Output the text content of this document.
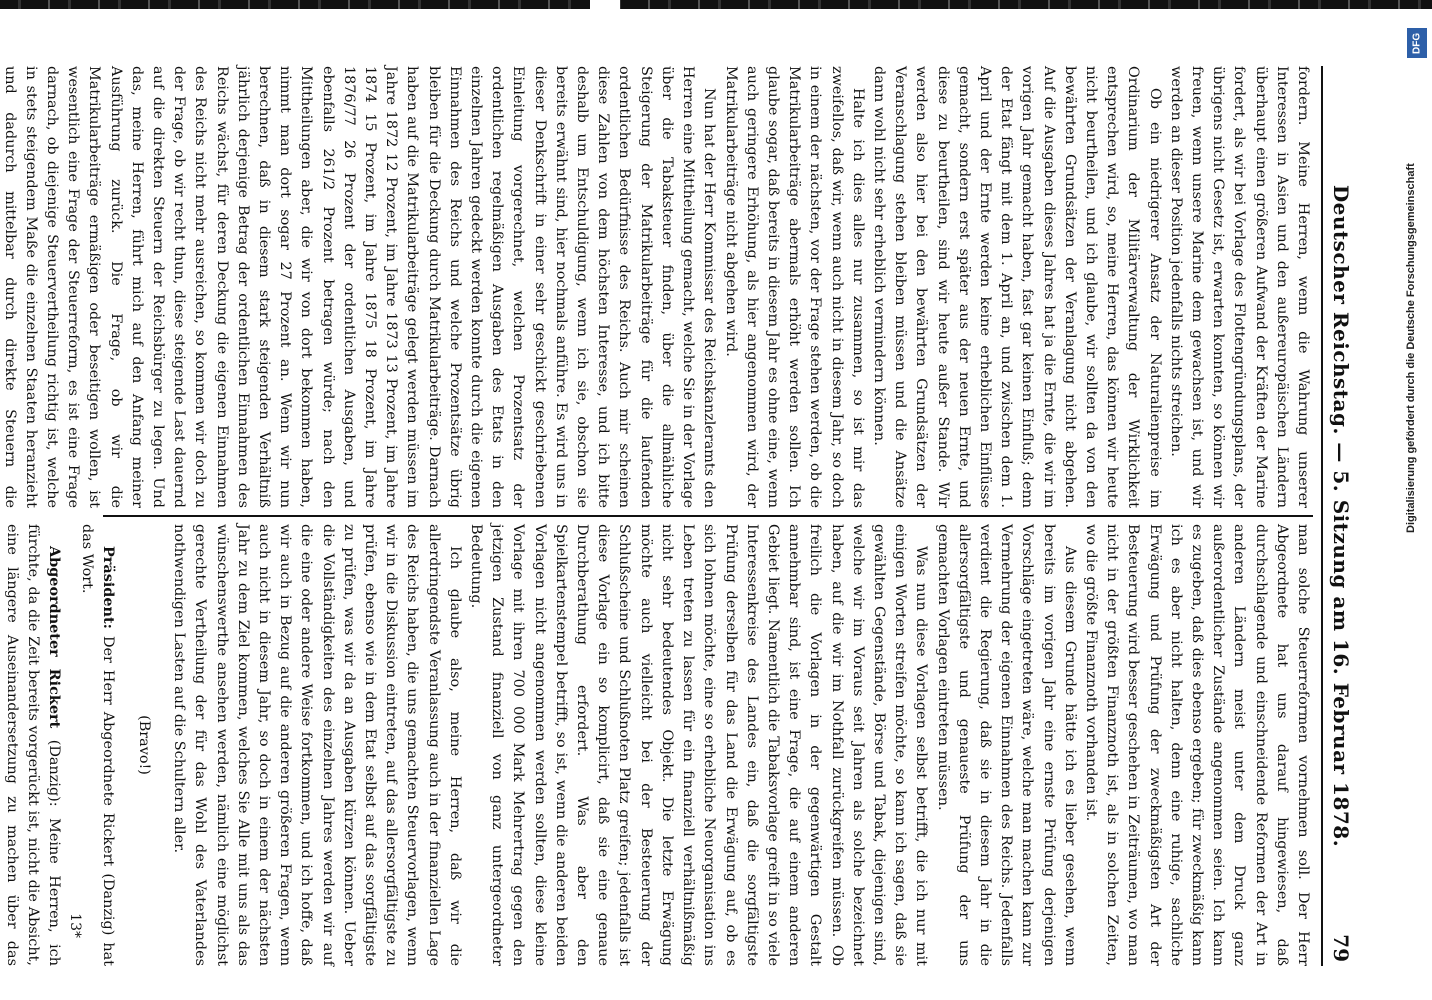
Deutscher Reichstag. — 5. Sitzung am 16. Februar 1878.
79

fordern. Meine Herren, wenn die Wahrung unserer Interessen in Asien und den außereuropäischen Ländern überhaupt einen größeren Aufwand der Kräften der Marine fordert, als wir bei Vorlage des Flottengründungsplans, der übrigens nicht Gesetz ist, erwarten konnten, so können wir freuen, wenn unsere Marine dem gewachsen ist, und wir werden an dieser Position jedenfalls nichts streichen.

Ob ein niedrigerer Ansatz der Naturalienpreise im Ordinarium der Militärverwaltung der Wirklichkeit entsprechen wird, so, meine Herren, das können wir heute nicht beurtheilen, und ich glaube, wir sollten da von den bewährten Grundsätzen der Veranlagung nicht abgehen. Auf die Ausgaben dieses Jahres hat ja die Ernte, die wir im vorigen Jahr gemacht haben, fast gar keinen Einfluß; denn der Etat fängt mit dem 1. April an, und zwischen dem 1. April und der Ernte werden keine erheblichen Einflüsse gemacht, sondern erst später aus der neuen Ernte, und diese zu beurtheilen, sind wir heute außer Stande. Wir werden also hier bei den bewährten Grundsätzen der Veranschlagung stehen bleiben müssen und die Ansätze dann wohl nicht sehr erheblich vermindern können.

Halte ich dies alles nur zusammen, so ist mir das zweifellos, daß wir, wenn auch nicht in diesem Jahr, so doch in einem der nächsten, vor der Frage stehen werden, ob die Matrikularbeiträge abermals erhöht werden sollen. Ich glaube sogar, daß bereits in diesem Jahr es ohne eine, wenn auch geringere Erhöhung, als hier angenommen wird, der Matrikularbeiträge nicht abgehen wird.

Nun hat der Herr Kommissar des Reichskanzleramts den Herren eine Mittheilung gemacht, welche Sie in der Vorlage über die Tabaksteuer finden, über die allmähliche Steigerung der Matrikularbeiträge für die laufenden ordentlichen Bedürfnisse des Reichs. Auch mir scheinen diese Zahlen von dem höchsten Interesse, und ich bitte deshalb um Entschuldigung, wenn ich sie, obschon sie bereits erwähnt sind, hier nochmals anführe. Es wird uns in dieser Denkschrift in einer sehr geschickt geschriebenen Einleitung vorgerechnet, welchen Prozentsatz der ordentlichen regelmäßigen Ausgaben des Etats in den einzelnen Jahren gedeckt werden konnte durch die eigenen Einnahmen des Reichs und welche Prozentsätze übrig bleiben für die Deckung durch Matrikularbeiträge. Darnach haben auf die Matrikularbeiträge gelegt werden müssen im Jahre 1872 12 Prozent, im Jahre 1873 13 Prozent, im Jahre 1874 15 Prozent, im Jahre 1875 18 Prozent, im Jahre 1876/77 26 Prozent der ordentlichen Ausgaben, und ebenfalls 261/2 Prozent betragen würde; nach den Mittheilungen aber, die wir von dort bekommen haben, nimmt man dort sogar 27 Prozent an. Wenn wir nun berechnen, daß in diesem stark steigenden Verhältniß jährlich derjenige Betrag der ordentlichen Einnahmen des Reichs wächst, für deren Deckung die eigenen Einnahmen des Reichs nicht mehr ausreichen, so kommen wir doch zu der Frage, ob wir recht thun, diese steigende Last dauernd auf die direkten Steuern der Reichsbürger zu legen. Und das, meine Herren, führt mich auf den Anfang meiner Ausführung zurück. Die Frage, ob wir die Matrikularbeiträge ermäßigen oder beseitigen wollen, ist wesentlich eine Frage der Steuerreform, es ist eine Frage darnach, ob diejenige Steuervertheilung richtig ist, welche in stets steigendem Maße die einzelnen Staaten heranzieht und dadurch mittelbar durch direkte Steuern die

man solche Steuerreformen vornehmen soll. Der Herr Abgeordnete hat uns darauf hingewiesen, daß durchschlagende und einschneidende Reformen der Art in anderen Ländern meist unter dem Druck ganz außerordentlicher Zustände angenommen seien. Ich kann es zugeben, daß dies ebenso ergeben; für zweckmäßig kann ich es aber nicht halten, denn eine ruhige, sachliche Erwägung und Prüfung der zweckmäßigsten Art der Besteuerung wird besser geschehen in Zeiträumen, wo man nicht in der größten Finanznoth ist, als in solchen Zeiten, wo die größte Finanznoth vorhanden ist.

Aus diesem Grunde hätte ich es lieber gesehen, wenn bereits im vorigen Jahr eine ernste Prüfung derjenigen Vorschläge eingetreten wäre, welche man machen kann zur Vermehrung der eigenen Einnahmen des Reichs. Jedenfalls verdient die Regierung, daß sie in diesem Jahr in die allersorgfältigste und genaueste Prüfung der uns gemachten Vorlagen eintreten müssen.

Was nun diese Vorlagen selbst betrifft, die ich nur mit einigen Worten streifen möchte, so kann ich sagen, daß sie gewählten Gegenstände, Börse und Tabak, diejenigen sind, welche wir im Voraus seit Jahren als solche bezeichnet haben, auf die wir im Nothfall zurückgreifen müssen. Ob freilich die Vorlagen in der gegenwärtigen Gestalt annehmbar sind, ist eine Frage, die auf einem anderen Gebiet liegt. Namentlich die Tabaksvorlage greift in so viele Interessenkreise des Landes ein, daß die sorgfältigste Prüfung derselben für das Land die Erwägung auf, ob es sich lohnen möchte, eine so erhebliche Neuorganisation ins Leben treten zu lassen für ein finanziell verhältnißmäßig nicht sehr bedeutendes Objekt. Die letzte Erwägung möchte auch vielleicht bei der Besteuerung der Schlußscheine und Schlußnoten Platz greifen; jedenfalls ist diese Vorlage ein so komplicirt, daß sie eine genaue Durchberathung erfordert. Was aber den Spielkartenstempel betrifft, so ist, wenn die anderen beiden Vorlagen nicht angenommen werden sollten, diese kleine Vorlage mit ihren 700 000 Mark Mehrertrag gegen den jetzigen Zustand finanziell von ganz untergeordneter Bedeutung.

Ich glaube also, meine Herren, daß wir die allerdringendste Veranlassung auch in der finanziellen Lage des Reichs haben, die uns gemachten Steuervorlagen, wenn wir in die Diskussion eintreten, auf das allersorgfältigste zu prüfen, ebenso wie in dem Etat selbst auf das sorgfältigste zu prüfen, was wir da an Ausgaben kürzen können. Ueber die Vollständigkeiten des einzelnen Jahres werden wir auf die eine oder andere Weise fortkommen, und ich hoffe, daß wir auch in Bezug auf die anderen größeren Fragen, wenn auch nicht in diesem Jahr, so doch in einem der nächsten Jahr zu dem Ziel kommen, welches Sie Alle mit uns als das wünschenswerthe ansehen werden, nämlich eine möglichst gerechte Vertheilung der für das Wohl des Vaterlandes nothwendigen Lasten auf die Schultern aller.

(Bravo!)

Präsident: Der Herr Abgeordnete Rickert (Danzig) hat das Wort.

Abgeordneter Rickert (Danzig): Meine Herren, ich fürchte, da die Zeit bereits vorgerückt ist, nicht die Absicht, eine längere Auseinandersetzung zu machen über das

13*
DFG
Digitalisierung gefördert durch die Deutsche Forschungsgemeinschaft
